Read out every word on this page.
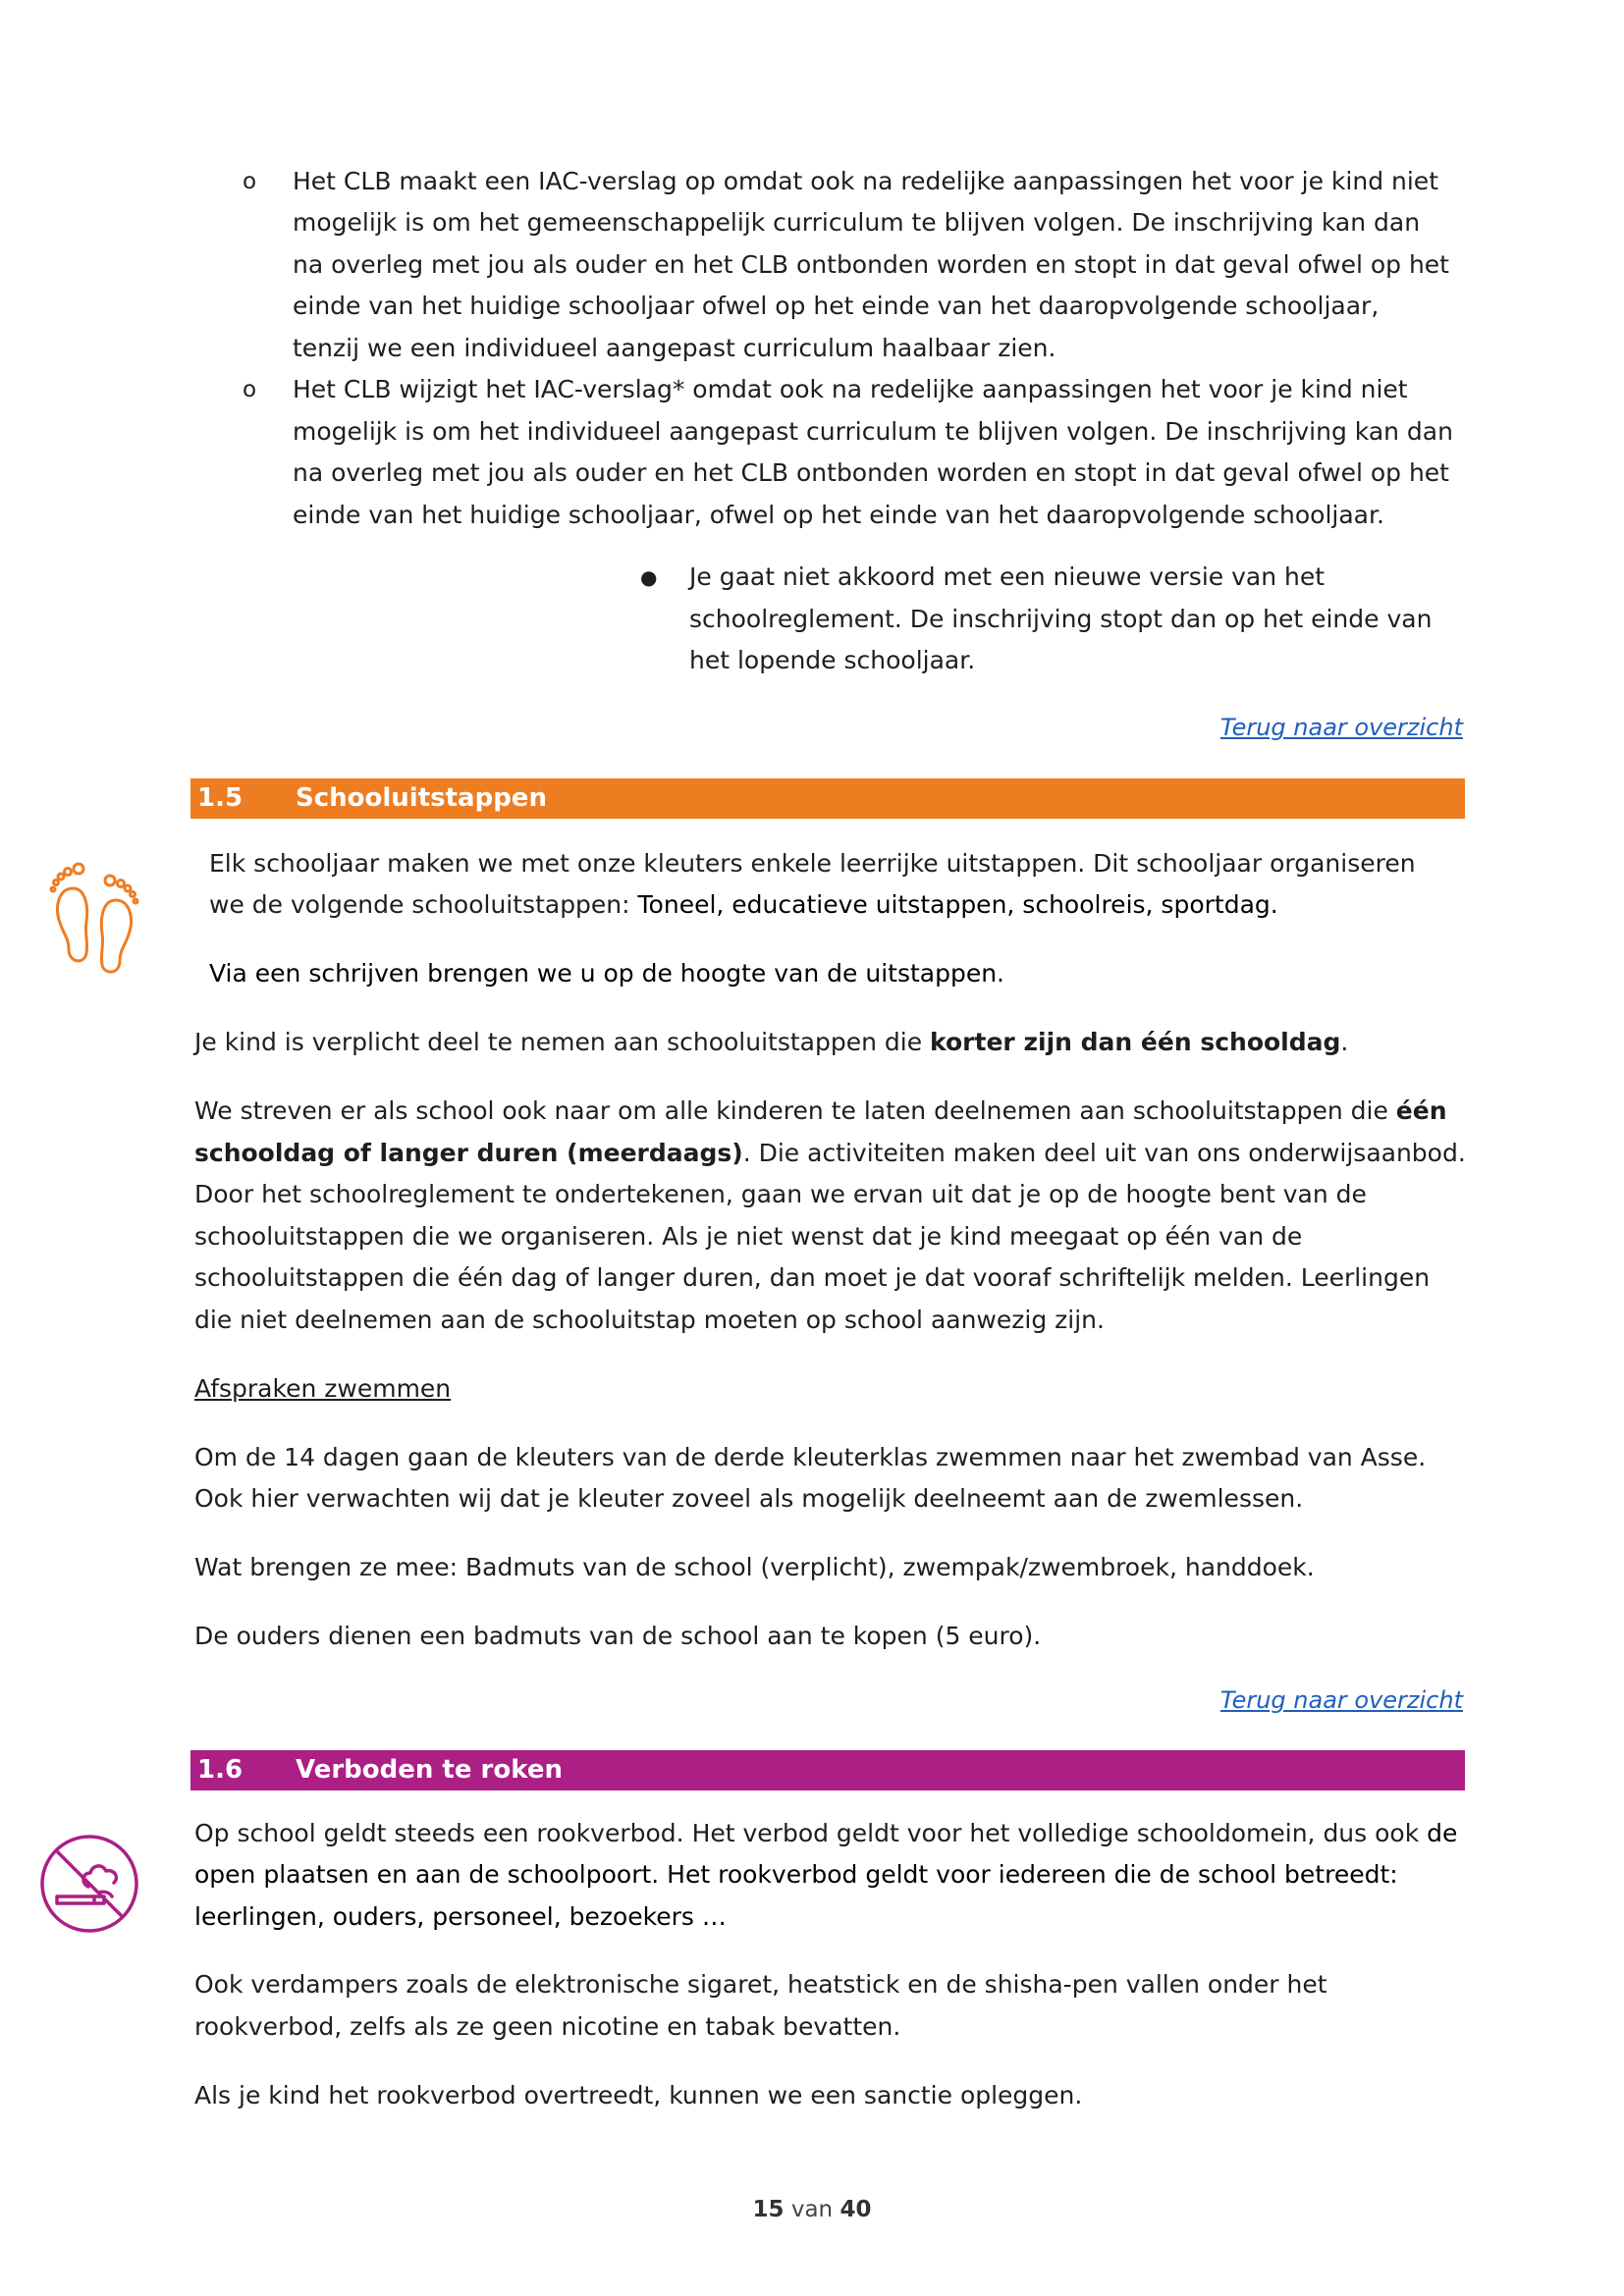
o Het CLB maakt een IAC-verslag op omdat ook na redelijke aanpassingen het voor je kind niet

mogelijk is om het gemeenschappelijk curriculum te blijven volgen. De inschrijving kan dan

na overleg met jou als ouder en het CLB ontbonden worden en stopt in dat geval ofwel op het

einde van het huidige schooljaar ofwel op het einde van het daaropvolgende schooljaar,

tenzij we een individueel aangepast curriculum haalbaar zien.

o Het CLB wijzigt het IAC-verslag* omdat ook na redelijke aanpassingen het voor je kind niet

mogelijk is om het individueel aangepast curriculum te blijven volgen. De inschrijving kan dan

na overleg met jou als ouder en het CLB ontbonden worden en stopt in dat geval ofwel op het

einde van het huidige schooljaar, ofwel op het einde van het daaropvolgende schooljaar.

● Je gaat niet akkoord met een nieuwe versie van het

schoolreglement. De inschrijving stopt dan op het einde van

het lopende schooljaar.

Terug naar overzicht
1.5 Schooluitstappen

Elk schooljaar maken we met onze kleuters enkele leerrijke uitstappen. Dit schooljaar organiseren

we de volgende schooluitstappen: Toneel, educatieve uitstappen, schoolreis, sportdag.

Via een schrijven brengen we u op de hoogte van de uitstappen.

Je kind is verplicht deel te nemen aan schooluitstappen die korter zijn dan één schooldag.

We streven er als school ook naar om alle kinderen te laten deelnemen aan schooluitstappen die één

schooldag of langer duren (meerdaags). Die activiteiten maken deel uit van ons onderwijsaanbod.

Door het schoolreglement te ondertekenen, gaan we ervan uit dat je op de hoogte bent van de

schooluitstappen die we organiseren. Als je niet wenst dat je kind meegaat op één van de

schooluitstappen die één dag of langer duren, dan moet je dat vooraf schriftelijk melden. Leerlingen

die niet deelnemen aan de schooluitstap moeten op school aanwezig zijn.

Afspraken zwemmen

Om de 14 dagen gaan de kleuters van de derde kleuterklas zwemmen naar het zwembad van Asse.

Ook hier verwachten wij dat je kleuter zoveel als mogelijk deelneemt aan de zwemlessen.

Wat brengen ze mee: Badmuts van de school (verplicht), zwempak/zwembroek, handdoek.

De ouders dienen een badmuts van de school aan te kopen (5 euro).

Terug naar overzicht
1.6 Verboden te roken

Op school geldt steeds een rookverbod. Het verbod geldt voor het volledige schooldomein, dus ook de

open plaatsen en aan de schoolpoort. Het rookverbod geldt voor iedereen die de school betreedt:

leerlingen, ouders, personeel, bezoekers …

Ook verdampers zoals de elektronische sigaret, heatstick en de shisha-pen vallen onder het

rookverbod, zelfs als ze geen nicotine en tabak bevatten.

Als je kind het rookverbod overtreedt, kunnen we een sanctie opleggen.

15 van 40
